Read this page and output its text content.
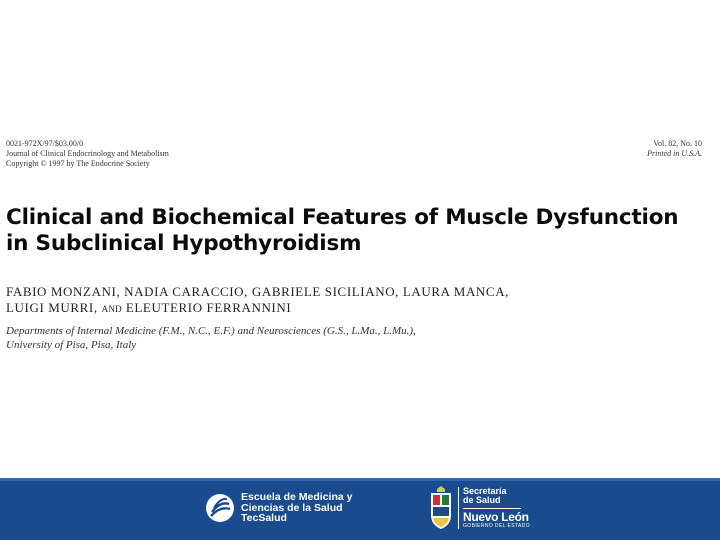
0021-972X/97/$03.00/0
Journal of Clinical Endocrinology and Metabolism
Copyright © 1997 by The Endocrine Society
Vol. 82, No. 10
Printed in U.S.A.
Clinical and Biochemical Features of Muscle Dysfunction
in Subclinical Hypothyroidism
FABIO MONZANI, NADIA CARACCIO, GABRIELE SICILIANO, LAURA MANCA,
LUIGI MURRI, AND ELEUTERIO FERRANNINI
Departments of Internal Medicine (F.M., N.C., E.F.) and Neurosciences (G.S., L.Ma., L.Mu.),
University of Pisa, Pisa, Italy
Escuela de Medicina y
Ciencias de la Salud
TecSalud
Secretaría
de Salud
Nuevo León
GOBIERNO DEL ESTADO
